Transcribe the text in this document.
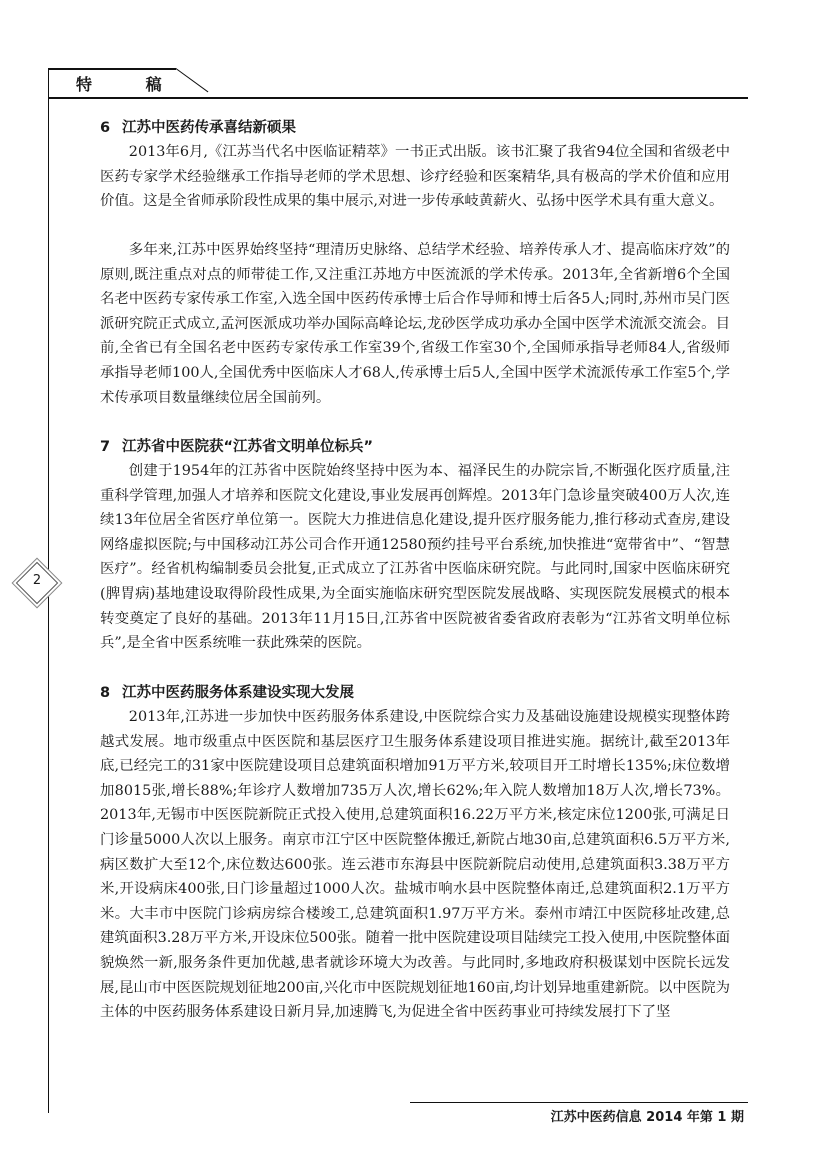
特 稿
2
6 江苏中医药传承喜结新硕果

2013年6月,《江苏当代名中医临证精萃》一书正式出版。该书汇聚了我省94位全国和省级老中医药专家学术经验继承工作指导老师的学术思想、诊疗经验和医案精华,具有极高的学术价值和应用价值。这是全省师承阶段性成果的集中展示,对进一步传承岐黄薪火、弘扬中医学术具有重大意义。

多年来,江苏中医界始终坚持“理清历史脉络、总结学术经验、培养传承人才、提高临床疗效”的原则,既注重点对点的师带徒工作,又注重江苏地方中医流派的学术传承。2013年,全省新增6个全国名老中医药专家传承工作室,入选全国中医药传承博士后合作导师和博士后各5人;同时,苏州市吴门医派研究院正式成立,孟河医派成功举办国际高峰论坛,龙砂医学成功承办全国中医学术流派交流会。目前,全省已有全国名老中医药专家传承工作室39个,省级工作室30个,全国师承指导老师84人,省级师承指导老师100人,全国优秀中医临床人才68人,传承博士后5人,全国中医学术流派传承工作室5个,学术传承项目数量继续位居全国前列。

7 江苏省中医院获“江苏省文明单位标兵”

创建于1954年的江苏省中医院始终坚持中医为本、福泽民生的办院宗旨,不断强化医疗质量,注重科学管理,加强人才培养和医院文化建设,事业发展再创辉煌。2013年门急诊量突破400万人次,连续13年位居全省医疗单位第一。医院大力推进信息化建设,提升医疗服务能力,推行移动式查房,建设网络虚拟医院;与中国移动江苏公司合作开通12580预约挂号平台系统,加快推进“宽带省中”、“智慧医疗”。经省机构编制委员会批复,正式成立了江苏省中医临床研究院。与此同时,国家中医临床研究(脾胃病)基地建设取得阶段性成果,为全面实施临床研究型医院发展战略、实现医院发展模式的根本转变奠定了良好的基础。2013年11月15日,江苏省中医院被省委省政府表彰为“江苏省文明单位标兵”,是全省中医系统唯一获此殊荣的医院。

8 江苏中医药服务体系建设实现大发展

2013年,江苏进一步加快中医药服务体系建设,中医院综合实力及基础设施建设规模实现整体跨越式发展。地市级重点中医医院和基层医疗卫生服务体系建设项目推进实施。据统计,截至2013年底,已经完工的31家中医院建设项目总建筑面积增加91万平方米,较项目开工时增长135%;床位数增加8015张,增长88%;年诊疗人数增加735万人次,增长62%;年入院人数增加18万人次,增长73%。2013年,无锡市中医医院新院正式投入使用,总建筑面积16.22万平方米,核定床位1200张,可满足日门诊量5000人次以上服务。南京市江宁区中医院整体搬迁,新院占地30亩,总建筑面积6.5万平方米,病区数扩大至12个,床位数达600张。连云港市东海县中医院新院启动使用,总建筑面积3.38万平方米,开设病床400张,日门诊量超过1000人次。盐城市响水县中医院整体南迁,总建筑面积2.1万平方米。大丰市中医院门诊病房综合楼竣工,总建筑面积1.97万平方米。泰州市靖江中医院移址改建,总建筑面积3.28万平方米,开设床位500张。随着一批中医院建设项目陆续完工投入使用,中医院整体面貌焕然一新,服务条件更加优越,患者就诊环境大为改善。与此同时,多地政府积极谋划中医院长远发展,昆山市中医医院规划征地200亩,兴化市中医院规划征地160亩,均计划异地重建新院。以中医院为主体的中医药服务体系建设日新月异,加速腾飞,为促进全省中医药事业可持续发展打下了坚

江苏中医药信息 2014 年第 1 期
